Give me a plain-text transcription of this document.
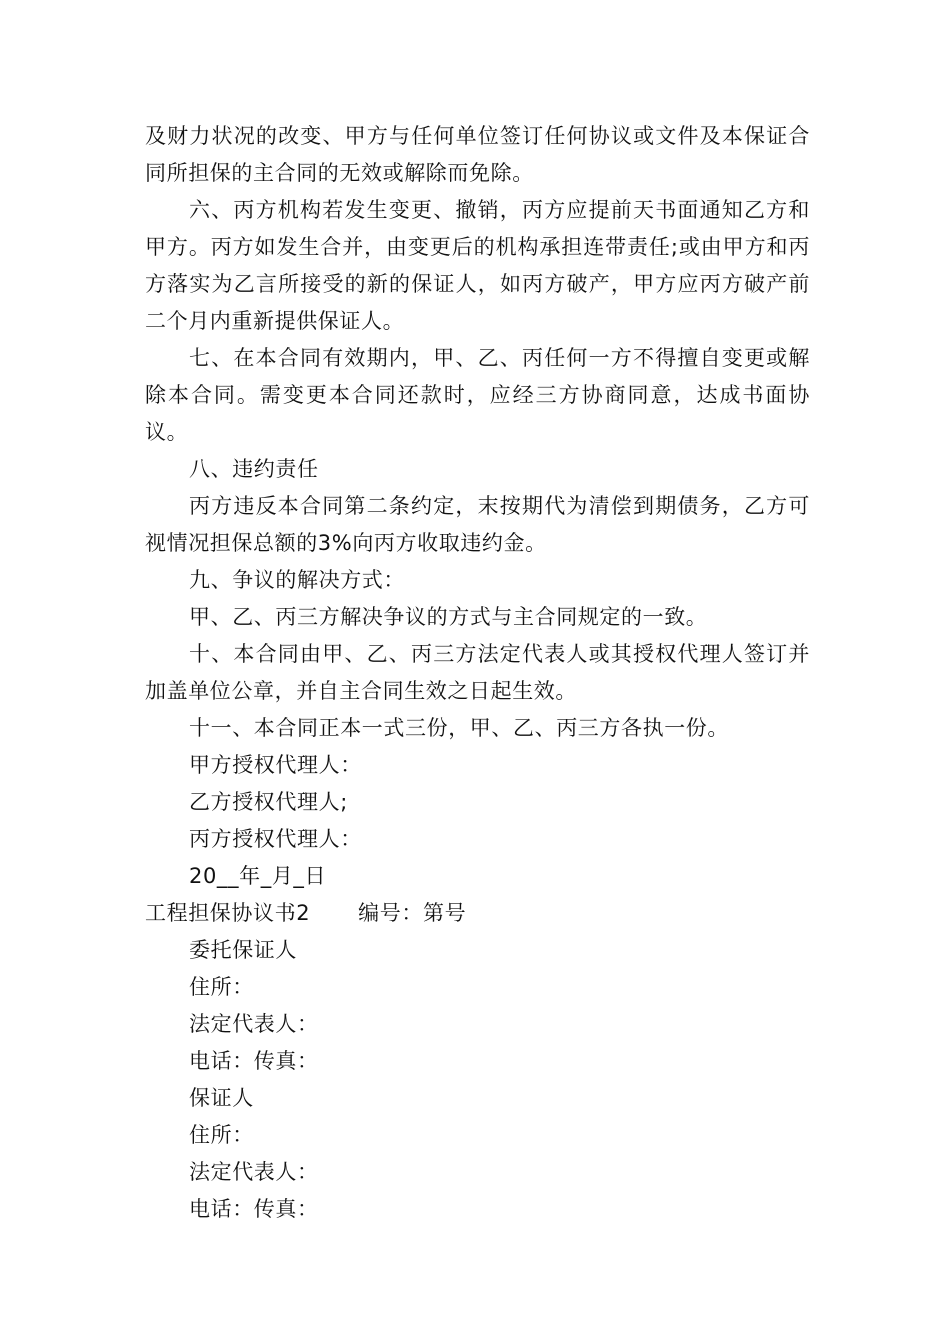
及财力状况的改变、甲方与任何单位签订任何协议或文件及本保证合同所担保的主合同的无效或解除而免除。

六、丙方机构若发生变更、撤销，丙方应提前天书面通知乙方和甲方。丙方如发生合并，由变更后的机构承担连带责任;或由甲方和丙方落实为乙言所接受的新的保证人，如丙方破产，甲方应丙方破产前二个月内重新提供保证人。

七、在本合同有效期内，甲、乙、丙任何一方不得擅自变更或解除本合同。需变更本合同还款时，应经三方协商同意，达成书面协议。

八、违约责任

丙方违反本合同第二条约定，末按期代为清偿到期债务，乙方可视情况担保总额的3%向丙方收取违约金。

九、争议的解决方式：

甲、乙、丙三方解决争议的方式与主合同规定的一致。

十、本合同由甲、乙、丙三方法定代表人或其授权代理人签订并加盖单位公章，并自主合同生效之日起生效。

十一、本合同正本一式三份，甲、乙、丙三方各执一份。

甲方授权代理人：

乙方授权代理人;

丙方授权代理人：

20__年_月_日

工程担保协议书2 编号：第号

委托保证人

住所：

法定代表人：

电话：传真：

保证人

住所：

法定代表人：

电话：传真：
